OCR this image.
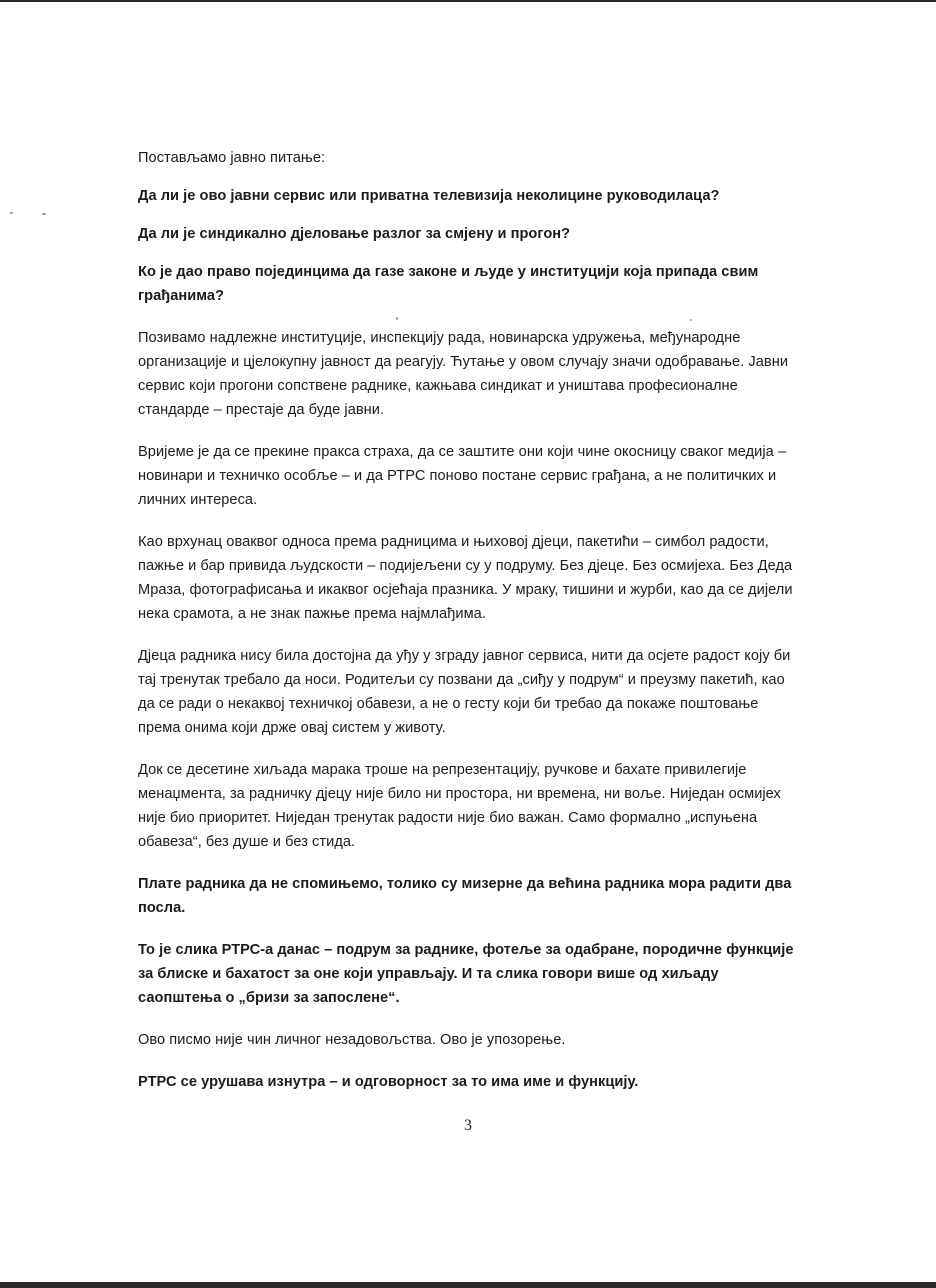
Постављамо јавно питање:

Да ли је ово јавни сервис или приватна телевизија неколицине руководилаца?

Да ли је синдикално дјеловање разлог за смјену и прогон?

Ко је дао право појединцима да газе законе и људе у институцији која припада свим грађанима?

Позивамо надлежне институције, инспекцију рада, новинарска удружења, међународне организације и цјелокупну јавност да реагују. Ћутање у овом случају значи одобравање. Јавни сервис који прогони сопствене раднике, кажњава синдикат и уништава професионалне стандарде – престаје да буде јавни.

Вријеме је да се прекине пракса страха, да се заштите они који чине окосницу сваког медија – новинари и техничко особље – и да РТРС поново постане сервис грађана, а не политичких и личних интереса.

Као врхунац оваквог односа према радницима и њиховој дјеци, пакетићи – симбол радости, пажње и бар привида људскости – подијељени су у подруму. Без дјеце. Без осмијеха. Без Деда Мраза, фотографисања и икаквог осјећаја празника. У мраку, тишини и журби, као да се дијели нека срамота, а не знак пажње према најмлађима.

Дјеца радника нису била достојна да уђу у зграду јавног сервиса, нити да осјете радост коју би тај тренутак требало да носи. Родитељи су позвани да „сиђу у подрум“ и преузму пакетић, као да се ради о некаквој техничкој обавези, а не о гесту који би требао да покаже поштовање према онима који држе овај систем у животу.

Док се десетине хиљада марака троше на репрезентацију, ручкове и бахате привилегије менаџмента, за радничку дјецу није било ни простора, ни времена, ни воље. Ниједан осмијех није био приоритет. Ниједан тренутак радости није био важан. Само формално „испуњена обавеза“, без душе и без стида.

Плате радника да не спомињемо, толико су мизерне да већина радника мора радити два посла.

То је слика РТРС-а данас – подрум за раднике, фотеље за одабране, породичне функције за блиске и бахатост за оне који управљају. И та слика говори више од хиљаду саопштења о „бризи за запослене“.

Ово писмо није чин личног незадовољства. Ово је упозорење.

РТРС се урушава изнутра – и одговорност за то има име и функцију.

3
